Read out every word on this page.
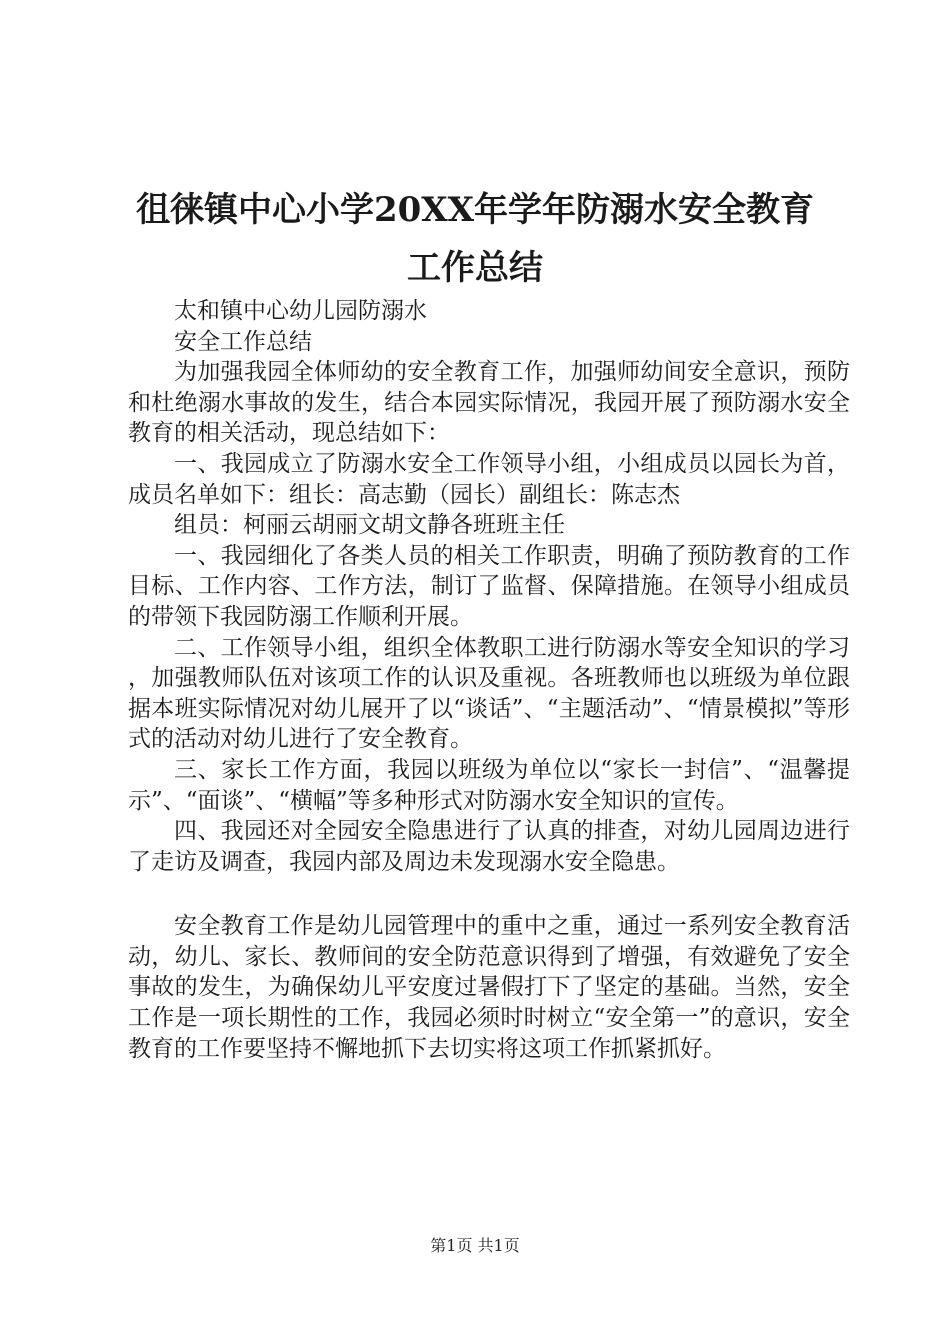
徂徕镇中心小学20XX年学年防溺水安全教育
工作总结

太和镇中心幼儿园防溺水

安全工作总结

为加强我园全体师幼的安全教育工作，加强师幼间安全意识，预防和杜绝溺水事故的发生，结合本园实际情况，我园开展了预防溺水安全教育的相关活动，现总结如下：

一、我园成立了防溺水安全工作领导小组，小组成员以园长为首，成员名单如下：组长：高志勤（园长）副组长：陈志杰

组员：柯丽云胡丽文胡文静各班班主任

一、我园细化了各类人员的相关工作职责，明确了预防教育的工作目标、工作内容、工作方法，制订了监督、保障措施。在领导小组成员的带领下我园防溺工作顺利开展。

二、工作领导小组，组织全体教职工进行防溺水等安全知识的学习，加强教师队伍对该项工作的认识及重视。各班教师也以班级为单位跟据本班实际情况对幼儿展开了以“谈话”、“主题活动”、“情景模拟”等形式的活动对幼儿进行了安全教育。

三、家长工作方面，我园以班级为单位以“家长一封信”、“温馨提示”、“面谈”、“横幅”等多种形式对防溺水安全知识的宣传。

四、我园还对全园安全隐患进行了认真的排查，对幼儿园周边进行了走访及调查，我园内部及周边未发现溺水安全隐患。

安全教育工作是幼儿园管理中的重中之重，通过一系列安全教育活动，幼儿、家长、教师间的安全防范意识得到了增强，有效避免了安全事故的发生，为确保幼儿平安度过暑假打下了坚定的基础。当然，安全工作是一项长期性的工作，我园必须时时树立“安全第一”的意识，安全教育的工作要坚持不懈地抓下去切实将这项工作抓紧抓好。

第1页 共1页
